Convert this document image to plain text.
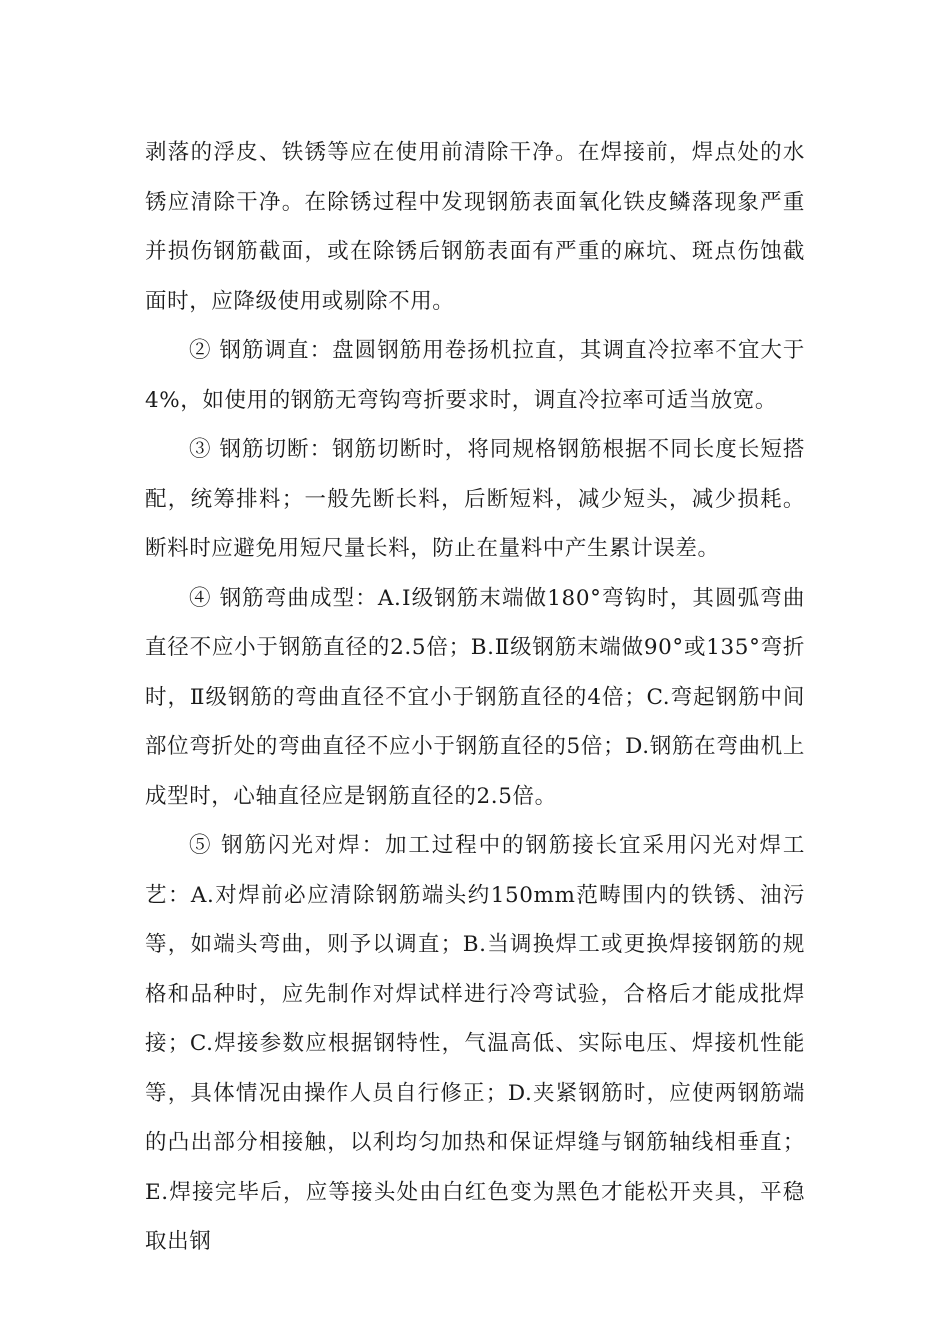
剥落的浮皮、铁锈等应在使用前清除干净。在焊接前，焊点处的水锈应清除干净。在除锈过程中发现钢筋表面氧化铁皮鳞落现象严重并损伤钢筋截面，或在除锈后钢筋表面有严重的麻坑、斑点伤蚀截面时，应降级使用或剔除不用。

② 钢筋调直：盘圆钢筋用卷扬机拉直，其调直冷拉率不宜大于4%，如使用的钢筋无弯钩弯折要求时，调直冷拉率可适当放宽。

③ 钢筋切断：钢筋切断时，将同规格钢筋根据不同长度长短搭配，统筹排料；一般先断长料，后断短料，减少短头，减少损耗。断料时应避免用短尺量长料，防止在量料中产生累计误差。

④ 钢筋弯曲成型：A.Ⅰ级钢筋末端做180°弯钩时，其圆弧弯曲直径不应小于钢筋直径的2.5倍；B.Ⅱ级钢筋末端做90°或135°弯折时，Ⅱ级钢筋的弯曲直径不宜小于钢筋直径的4倍；C.弯起钢筋中间部位弯折处的弯曲直径不应小于钢筋直径的5倍；D.钢筋在弯曲机上成型时，心轴直径应是钢筋直径的2.5倍。

⑤ 钢筋闪光对焊：加工过程中的钢筋接长宜采用闪光对焊工艺：A.对焊前必应清除钢筋端头约150mm范畴围内的铁锈、油污等，如端头弯曲，则予以调直；B.当调换焊工或更换焊接钢筋的规格和品种时，应先制作对焊试样进行冷弯试验，合格后才能成批焊接；C.焊接参数应根据钢特性，气温高低、实际电压、焊接机性能等，具体情况由操作人员自行修正；D.夹紧钢筋时，应使两钢筋端的凸出部分相接触，以利均匀加热和保证焊缝与钢筋轴线相垂直；E.焊接完毕后，应等接头处由白红色变为黑色才能松开夹具，平稳取出钢
